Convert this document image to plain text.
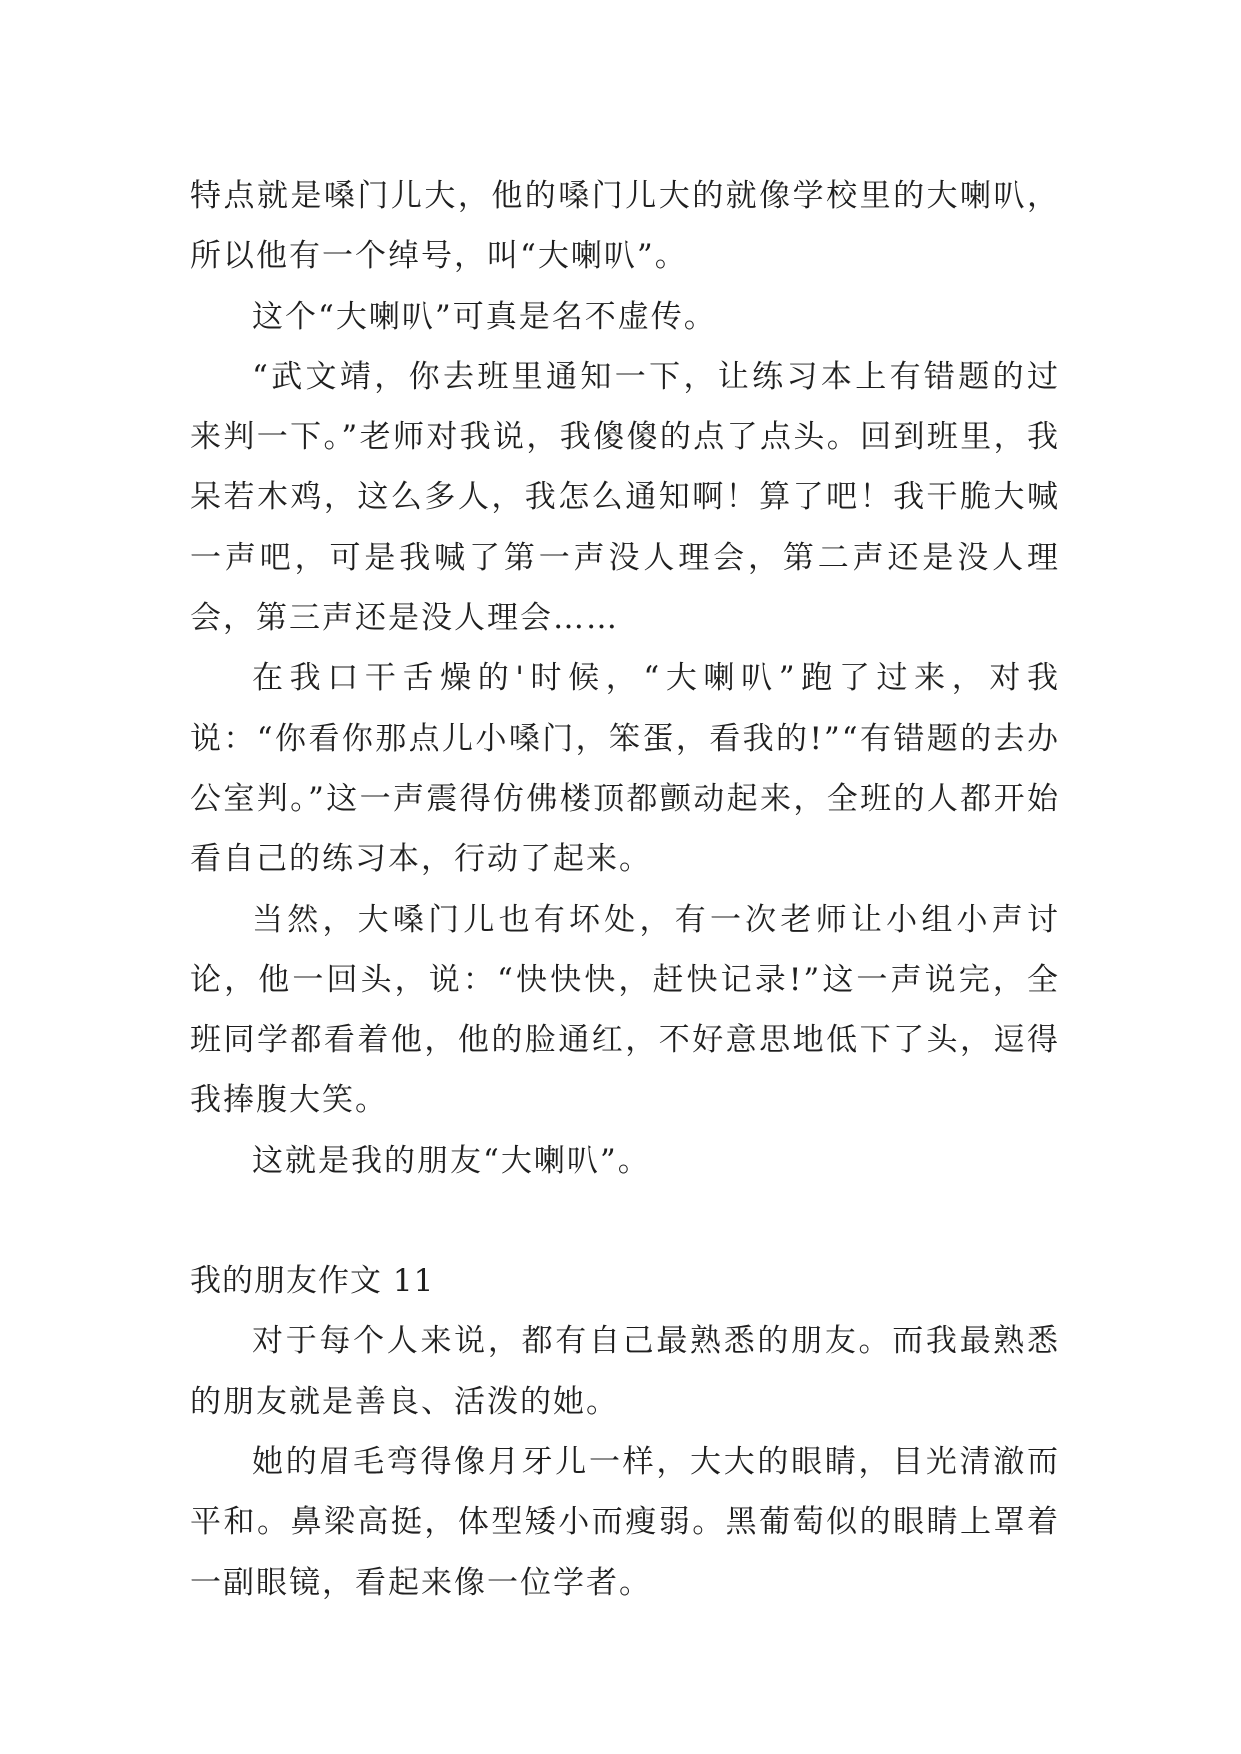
特点就是嗓门儿大，他的嗓门儿大的就像学校里的大喇叭，所以他有一个绰号，叫“大喇叭”。

这个“大喇叭”可真是名不虚传。

“武文靖，你去班里通知一下，让练习本上有错题的过来判一下。”老师对我说，我傻傻的点了点头。回到班里，我呆若木鸡，这么多人，我怎么通知啊！算了吧！我干脆大喊一声吧，可是我喊了第一声没人理会，第二声还是没人理会，第三声还是没人理会……

在我口干舌燥的'时候，“大喇叭”跑了过来，对我说：“你看你那点儿小嗓门，笨蛋，看我的!”“有错题的去办公室判。”这一声震得仿佛楼顶都颤动起来，全班的人都开始看自己的练习本，行动了起来。

当然，大嗓门儿也有坏处，有一次老师让小组小声讨论，他一回头，说：“快快快，赶快记录!”这一声说完，全班同学都看着他，他的脸通红，不好意思地低下了头，逗得我捧腹大笑。

这就是我的朋友“大喇叭”。

我的朋友作文 11

对于每个人来说，都有自己最熟悉的朋友。而我最熟悉的朋友就是善良、活泼的她。

她的眉毛弯得像月牙儿一样，大大的眼睛，目光清澈而平和。鼻梁高挺，体型矮小而瘦弱。黑葡萄似的眼睛上罩着一副眼镜，看起来像一位学者。
